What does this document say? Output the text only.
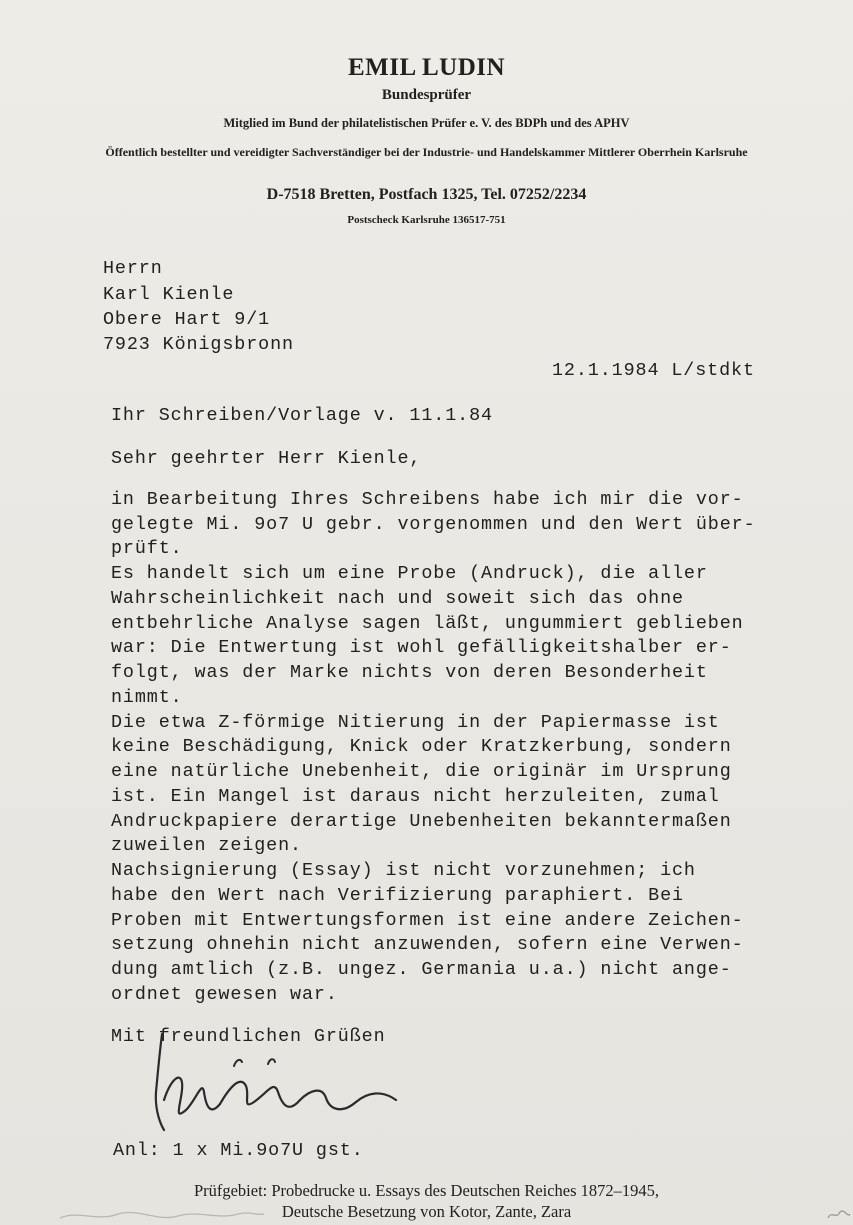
EMIL LUDIN
Bundesprüfer
Mitglied im Bund der philatelistischen Prüfer e. V. des BDPh und des APHV
Öffentlich bestellter und vereidigter Sachverständiger bei der Industrie- und Handelskammer Mittlerer Oberrhein Karlsruhe
D-7518 Bretten, Postfach 1325, Tel. 07252/2234
Postscheck Karlsruhe 136517-751
Herrn
Karl Kienle
Obere Hart 9/1
7923 Königsbronn
12.1.1984 L/stdkt
Ihr Schreiben/Vorlage v. 11.1.84
Sehr geehrter Herr Kienle,
in Bearbeitung Ihres Schreibens habe ich mir die vor-
gelegte Mi. 9o7 U gebr. vorgenommen und den Wert über-
prüft.
Es handelt sich um eine Probe (Andruck), die aller
Wahrscheinlichkeit nach und soweit sich das ohne
entbehrliche Analyse sagen läßt, ungummiert geblieben
war: Die Entwertung ist wohl gefälligkeitshalber er-
folgt, was der Marke nichts von deren Besonderheit
nimmt.
Die etwa Z-förmige Nitierung in der Papiermasse ist
keine Beschädigung, Knick oder Kratzkerbung, sondern
eine natürliche Unebenheit, die originär im Ursprung
ist. Ein Mangel ist daraus nicht herzuleiten, zumal
Andruckpapiere derartige Unebenheiten bekanntermaßen
zuweilen zeigen.
Nachsignierung (Essay) ist nicht vorzunehmen; ich
habe den Wert nach Verifizierung paraphiert. Bei
Proben mit Entwertungsformen ist eine andere Zeichen-
setzung ohnehin nicht anzuwenden, sofern eine Verwen-
dung amtlich (z.B. ungez. Germania u.a.) nicht ange-
ordnet gewesen war.
Mit freundlichen Grüßen
Anl: 1 x Mi.9o7U gst.
Prüfgebiet: Probedrucke u. Essays des Deutschen Reiches 1872–1945,
Deutsche Besetzung von Kotor, Zante, Zara
